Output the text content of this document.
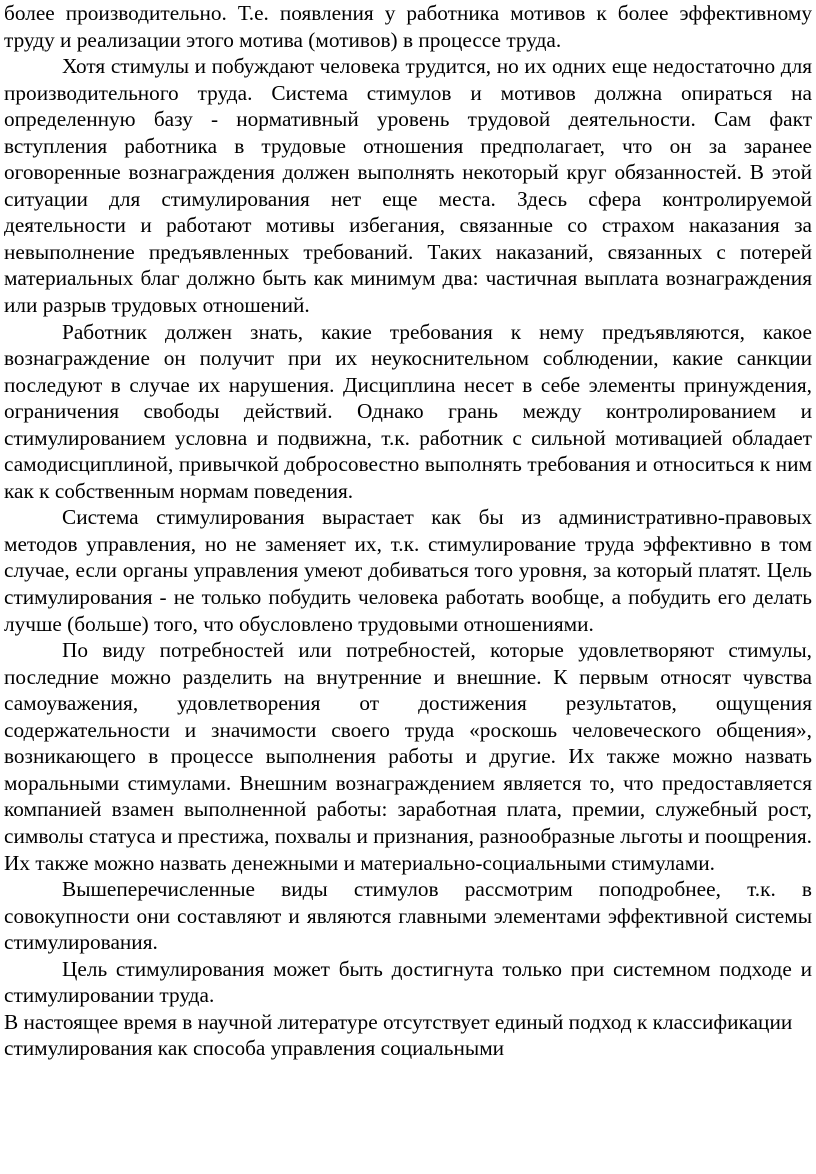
более производительно. Т.е. появления у работника мотивов к более эффективному труду и реализации этого мотива (мотивов) в процессе труда.

Хотя стимулы и побуждают человека трудится, но их одних еще недостаточно для производительного труда. Система стимулов и мотивов должна опираться на определенную базу - нормативный уровень трудовой деятельности. Сам факт вступления работника в трудовые отношения предполагает, что он за заранее оговоренные вознаграждения должен выполнять некоторый круг обязанностей. В этой ситуации для стимулирования нет еще места. Здесь сфера контролируемой деятельности и работают мотивы избегания, связанные со страхом наказания за невыполнение предъявленных требований. Таких наказаний, связанных с потерей материальных благ должно быть как минимум два: частичная выплата вознаграждения или разрыв трудовых отношений.

Работник должен знать, какие требования к нему предъявляются, какое вознаграждение он получит при их неукоснительном соблюдении, какие санкции последуют в случае их нарушения. Дисциплина несет в себе элементы принуждения, ограничения свободы действий. Однако грань между контролированием и стимулированием условна и подвижна, т.к. работник с сильной мотивацией обладает самодисциплиной, привычкой добросовестно выполнять требования и относиться к ним как к собственным нормам поведения.

Система стимулирования вырастает как бы из административно-правовых методов управления, но не заменяет их, т.к. стимулирование труда эффективно в том случае, если органы управления умеют добиваться того уровня, за который платят. Цель стимулирования - не только побудить человека работать вообще, а побудить его делать лучше (больше) того, что обусловлено трудовыми отношениями.

По виду потребностей или потребностей, которые удовлетворяют стимулы, последние можно разделить на внутренние и внешние. К первым относят чувства самоуважения, удовлетворения от достижения результатов, ощущения содержательности и значимости своего труда «роскошь человеческого общения», возникающего в процессе выполнения работы и другие. Их также можно назвать моральными стимулами. Внешним вознаграждением является то, что предоставляется компанией взамен выполненной работы: заработная плата, премии, служебный рост, символы статуса и престижа, похвалы и признания, разнообразные льготы и поощрения. Их также можно назвать денежными и материально-социальными стимулами.

Вышеперечисленные виды стимулов рассмотрим поподробнее, т.к. в совокупности они составляют и являются главными элементами эффективной системы стимулирования.

Цель стимулирования может быть достигнута только при системном подходе и стимулировании труда.

В настоящее время в научной литературе отсутствует единый подход к классификации стимулирования как способа управления социальными
